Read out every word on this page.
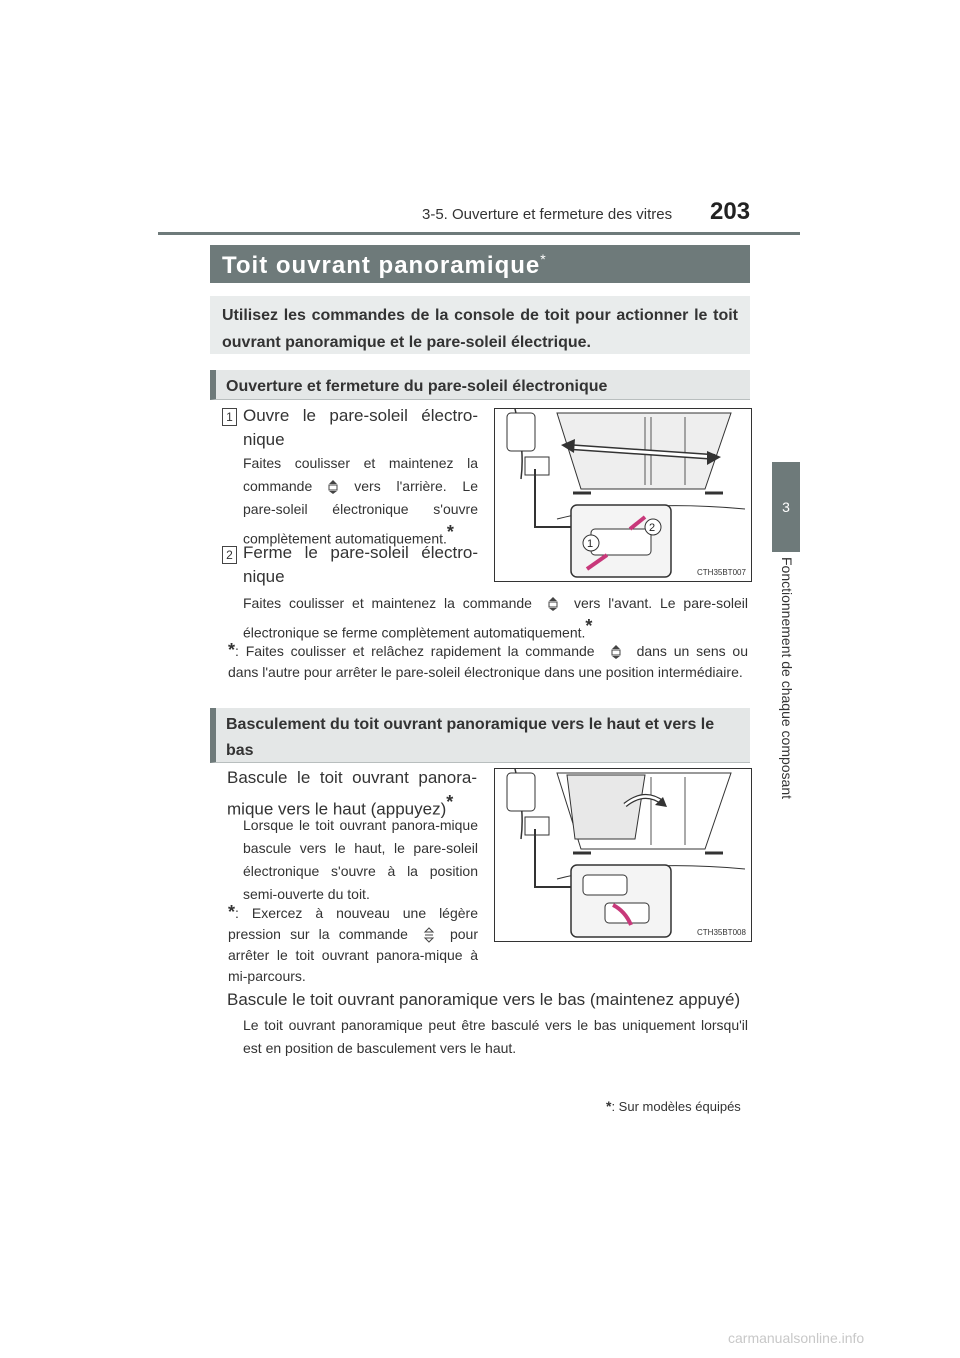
3-5. Ouverture et fermeture des vitres 203
3
Fonctionnement de chaque composant
Toit ouvrant panoramique*
Utilisez les commandes de la console de toit pour actionner le toit ouvrant panoramique et le pare-soleil électrique.
Ouverture et fermeture du pare-soleil électronique
1 Ouvre le pare-soleil électro-nique
Faites coulisser et maintenez la commande	vers l'arrière. Le pare-soleil électronique s'ouvre complètement automatiquement.*
2 Ferme le pare-soleil électro-nique
Faites coulisser et maintenez la commande	vers l'avant. Le pare-soleil électronique se ferme complètement automatiquement.*
*: Faites coulisser et relâchez rapidement la commande	dans un sens ou dans l'autre pour arrêter le pare-soleil électronique dans une position intermédiaire.
1
2
CTH35BT007
Basculement du toit ouvrant panoramique vers le haut et vers le bas
Bascule le toit ouvrant panora-mique vers le haut (appuyez)*
Lorsque le toit ouvrant panora-mique bascule vers le haut, le pare-soleil électronique s'ouvre à la position semi-ouverte du toit.
*: Exercez à nouveau une légère pression sur la commande	pour arrêter le toit ouvrant panora-mique à mi-parcours.
Bascule le toit ouvrant panoramique vers le bas (maintenez appuyé)
Le toit ouvrant panoramique peut être basculé vers le bas uniquement lorsqu'il est en position de basculement vers le haut.
CTH35BT008
*: Sur modèles équipés
carmanualsonline.info
